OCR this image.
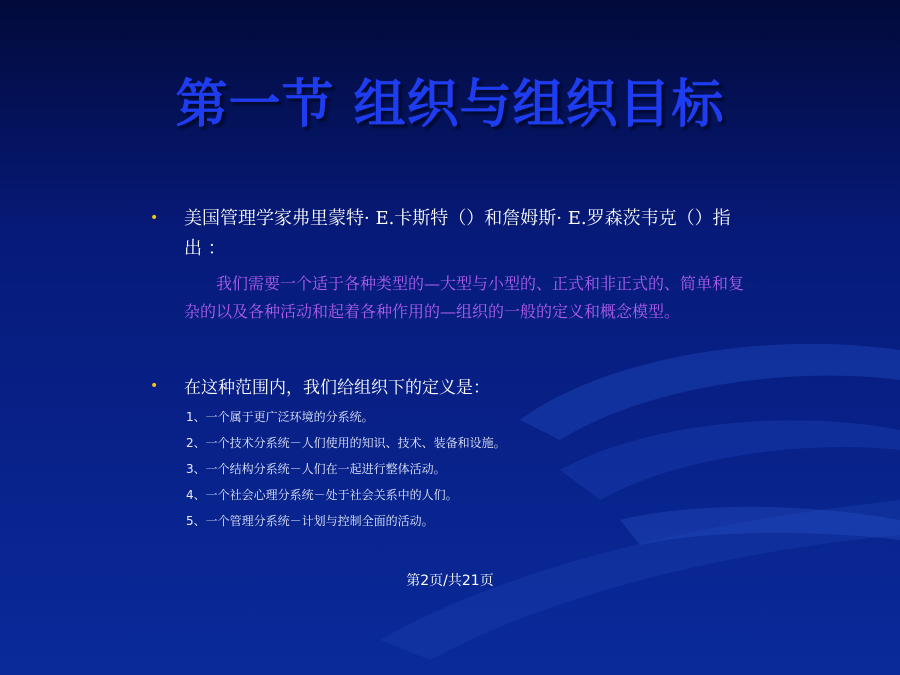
第一节 组织与组织目标
• 美国管理学家弗里蒙特· E.卡斯特（）和詹姆斯· E.罗森茨韦克（）指出 ：
我们需要一个适于各种类型的—大型与小型的、正式和非正式的、简单和复杂的以及各种活动和起着各种作用的—组织的一般的定义和概念模型。
• 在这种范围内，我们给组织下的定义是：
1、一个属于更广泛环境的分系统。
2、一个技术分系统－人们使用的知识、技术、装备和设施。
3、一个结构分系统－人们在一起进行整体活动。
4、一个社会心理分系统－处于社会关系中的人们。
5、一个管理分系统－计划与控制全面的活动。
第2页/共21页
